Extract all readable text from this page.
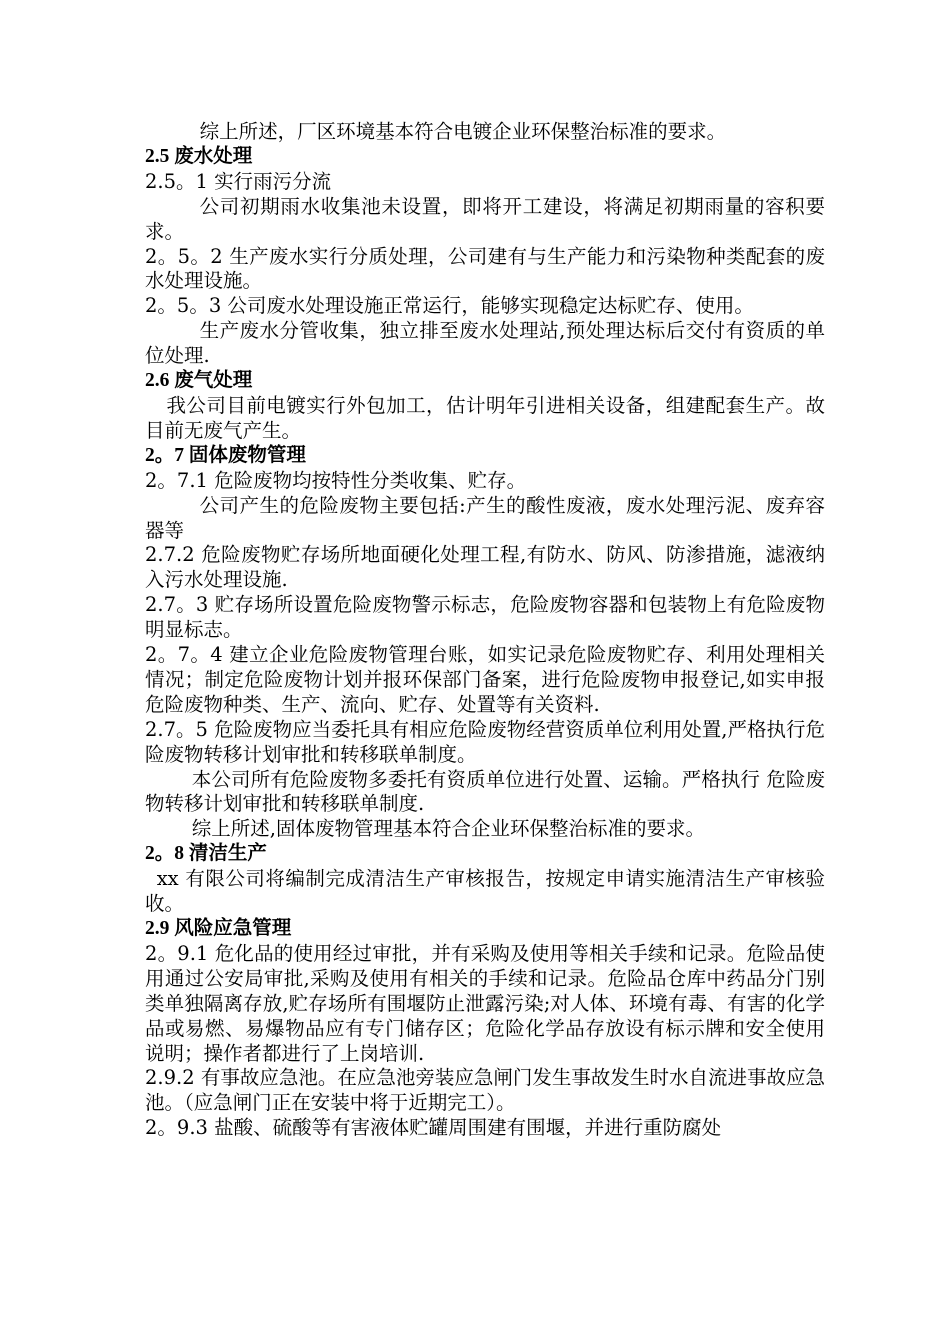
综上所述，厂区环境基本符合电镀企业环保整治标准的要求。

2.5 废水处理

2.5。1 实行雨污分流

公司初期雨水收集池未设置，即将开工建设，将满足初期雨量的容积要求。

2。5。2 生产废水实行分质处理，公司建有与生产能力和污染物种类配套的废水处理设施。

2。5。3 公司废水处理设施正常运行，能够实现稳定达标贮存、使用。

生产废水分管收集，独立排至废水处理站,预处理达标后交付有资质的单位处理.

2.6 废气处理

我公司目前电镀实行外包加工，估计明年引进相关设备，组建配套生产。故目前无废气产生。

2。7 固体废物管理

2。7.1 危险废物均按特性分类收集、贮存。

公司产生的危险废物主要包括:产生的酸性废液，废水处理污泥、废弃容器等

2.7.2 危险废物贮存场所地面硬化处理工程,有防水、防风、防渗措施，滤液纳入污水处理设施.

2.7。3 贮存场所设置危险废物警示标志，危险废物容器和包装物上有危险废物明显标志。

2。7。4 建立企业危险废物管理台账，如实记录危险废物贮存、利用处理相关情况；制定危险废物计划并报环保部门备案，进行危险废物申报登记,如实申报危险废物种类、生产、流向、贮存、处置等有关资料.

2.7。5 危险废物应当委托具有相应危险废物经营资质单位利用处置,严格执行危险废物转移计划审批和转移联单制度。

本公司所有危险废物多委托有资质单位进行处置、运输。严格执行 危险废物转移计划审批和转移联单制度.

综上所述,固体废物管理基本符合企业环保整治标准的要求。

2。8 清洁生产

xx 有限公司将编制完成清洁生产审核报告，按规定申请实施清洁生产审核验收。

2.9 风险应急管理

2。9.1 危化品的使用经过审批，并有采购及使用等相关手续和记录。危险品使用通过公安局审批,采购及使用有相关的手续和记录。危险品仓库中药品分门别类单独隔离存放,贮存场所有围堰防止泄露污染;对人体、环境有毒、有害的化学品或易燃、易爆物品应有专门储存区；危险化学品存放设有标示牌和安全使用说明；操作者都进行了上岗培训.

2.9.2 有事故应急池。在应急池旁装应急闸门发生事故发生时水自流进事故应急池。（应急闸门正在安装中将于近期完工）。

2。9.3 盐酸、硫酸等有害液体贮罐周围建有围堰，并进行重防腐处
